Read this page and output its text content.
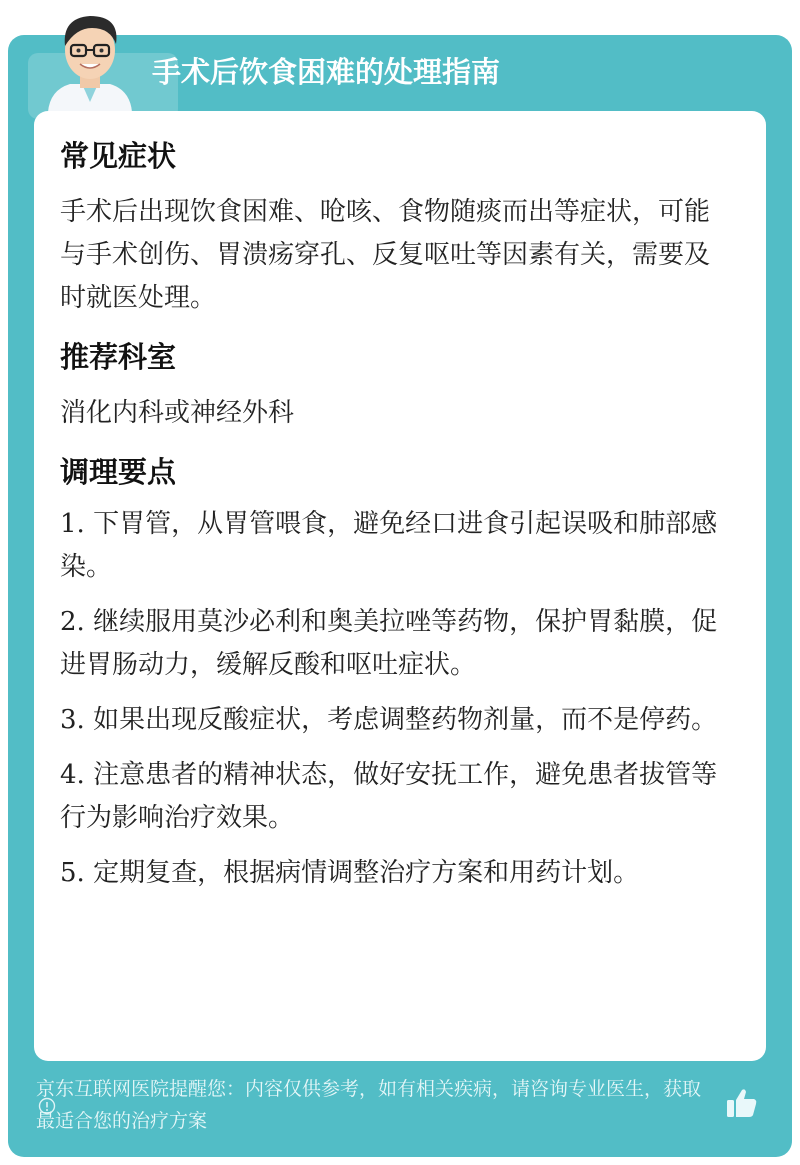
手术后饮食困难的处理指南
常见症状

手术后出现饮食困难、呛咳、食物随痰而出等症状，可能与手术创伤、胃溃疡穿孔、反复呕吐等因素有关，需要及时就医处理。

推荐科室

消化内科或神经外科

调理要点

1. 下胃管，从胃管喂食，避免经口进食引起误吸和肺部感染。

2. 继续服用莫沙必利和奥美拉唑等药物，保护胃黏膜，促进胃肠动力，缓解反酸和呕吐症状。

3. 如果出现反酸症状，考虑调整药物剂量，而不是停药。

4. 注意患者的精神状态，做好安抚工作，避免患者拔管等行为影响治疗效果。

5. 定期复查，根据病情调整治疗方案和用药计划。

京东互联网医院提醒您：内容仅供参考，如有相关疾病，请咨询专业医生，获取最适合您的治疗方案
